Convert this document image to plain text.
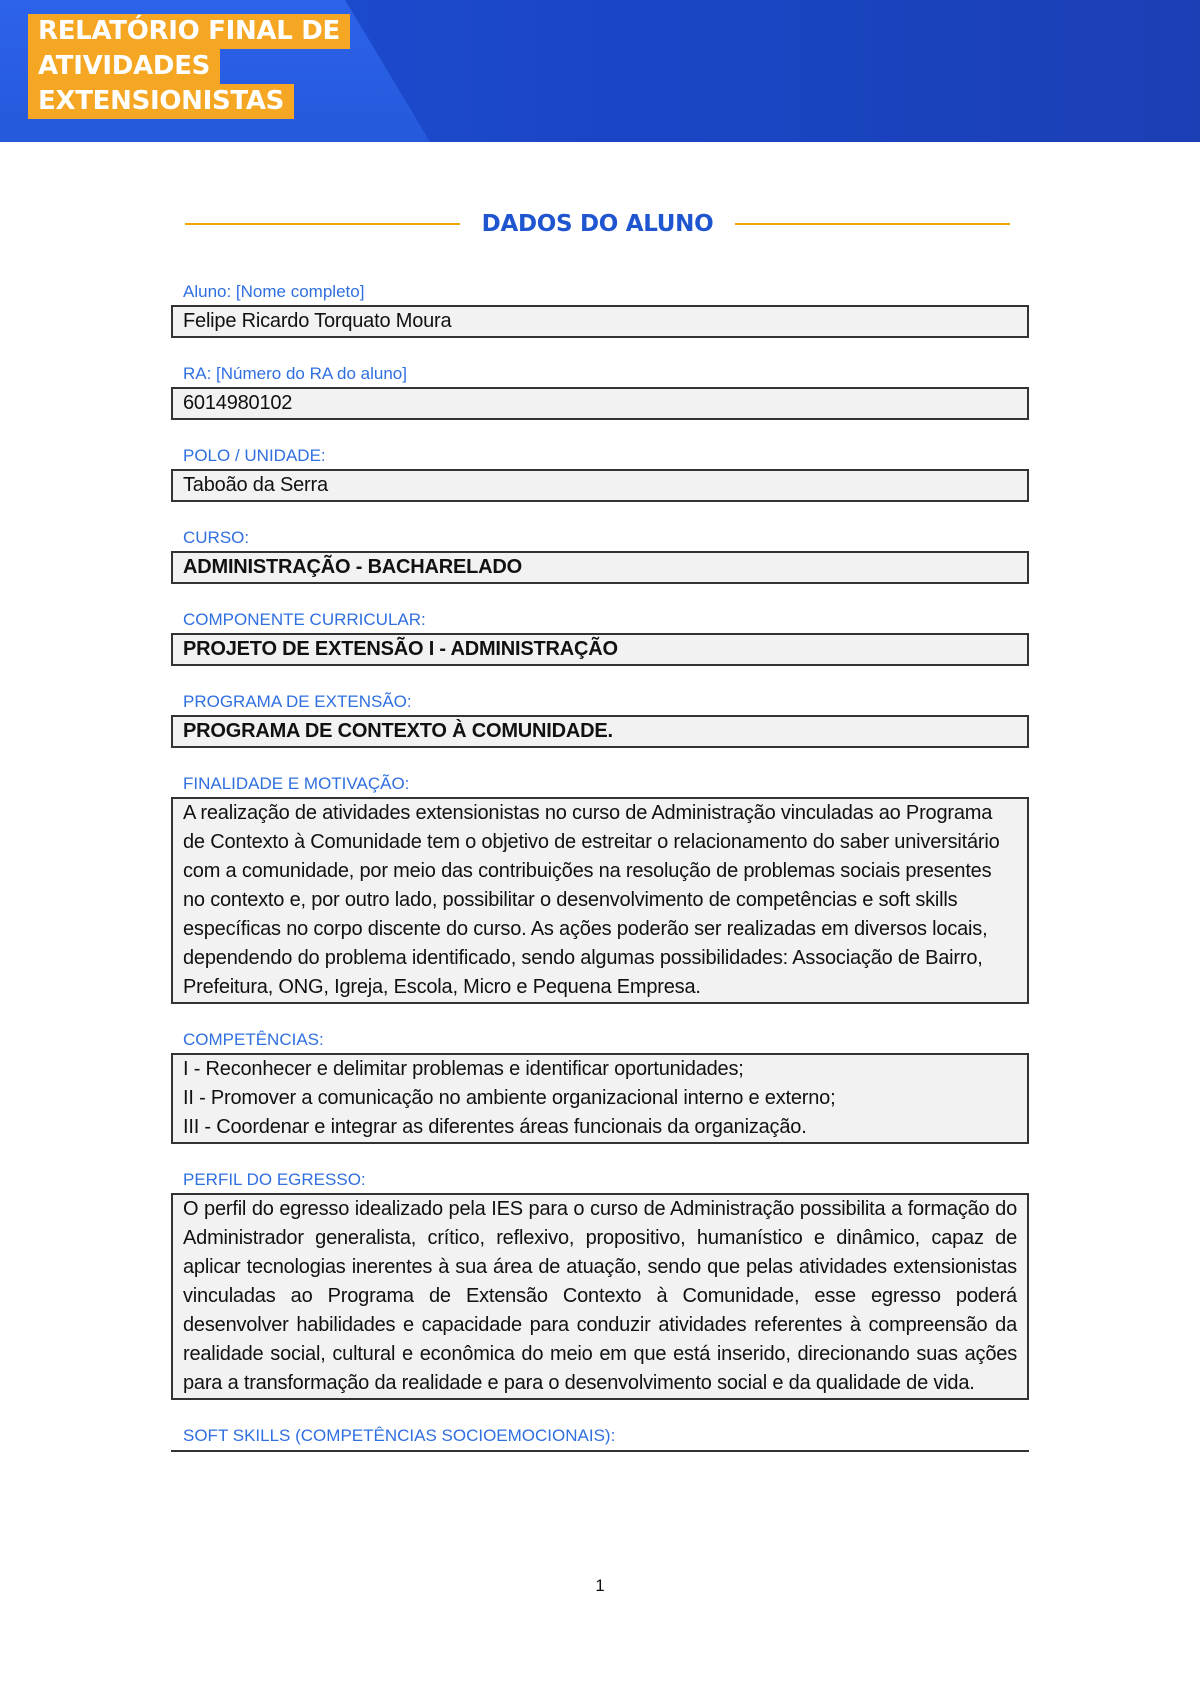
RELATÓRIO FINAL DE
ATIVIDADES
EXTENSIONISTAS
DADOS DO ALUNO
Aluno: [Nome completo]
Felipe Ricardo Torquato Moura
RA: [Número do RA do aluno]
6014980102
POLO / UNIDADE:
Taboão da Serra
CURSO:
ADMINISTRAÇÃO - BACHARELADO
COMPONENTE CURRICULAR:
PROJETO DE EXTENSÃO I - ADMINISTRAÇÃO
PROGRAMA DE EXTENSÃO:
PROGRAMA DE CONTEXTO À COMUNIDADE.
FINALIDADE E MOTIVAÇÃO:
A realização de atividades extensionistas no curso de Administração vinculadas ao Programa de Contexto à Comunidade tem o objetivo de estreitar o relacionamento do saber universitário com a comunidade, por meio das contribuições na resolução de problemas sociais presentes no contexto e, por outro lado, possibilitar o desenvolvimento de competências e soft skills específicas no corpo discente do curso. As ações poderão ser realizadas em diversos locais, dependendo do problema identificado, sendo algumas possibilidades: Associação de Bairro, Prefeitura, ONG, Igreja, Escola, Micro e Pequena Empresa.
COMPETÊNCIAS:
I - Reconhecer e delimitar problemas e identificar oportunidades;
II - Promover a comunicação no ambiente organizacional interno e externo;
III - Coordenar e integrar as diferentes áreas funcionais da organização.
PERFIL DO EGRESSO:
O perfil do egresso idealizado pela IES para o curso de Administração possibilita a formação do Administrador generalista, crítico, reflexivo, propositivo, humanístico e dinâmico, capaz de aplicar tecnologias inerentes à sua área de atuação, sendo que pelas atividades extensionistas vinculadas ao Programa de Extensão Contexto à Comunidade, esse egresso poderá desenvolver habilidades e capacidade para conduzir atividades referentes à compreensão da realidade social, cultural e econômica do meio em que está inserido, direcionando suas ações para a transformação da realidade e para o desenvolvimento social e da qualidade de vida.
SOFT SKILLS (COMPETÊNCIAS SOCIOEMOCIONAIS):
1
